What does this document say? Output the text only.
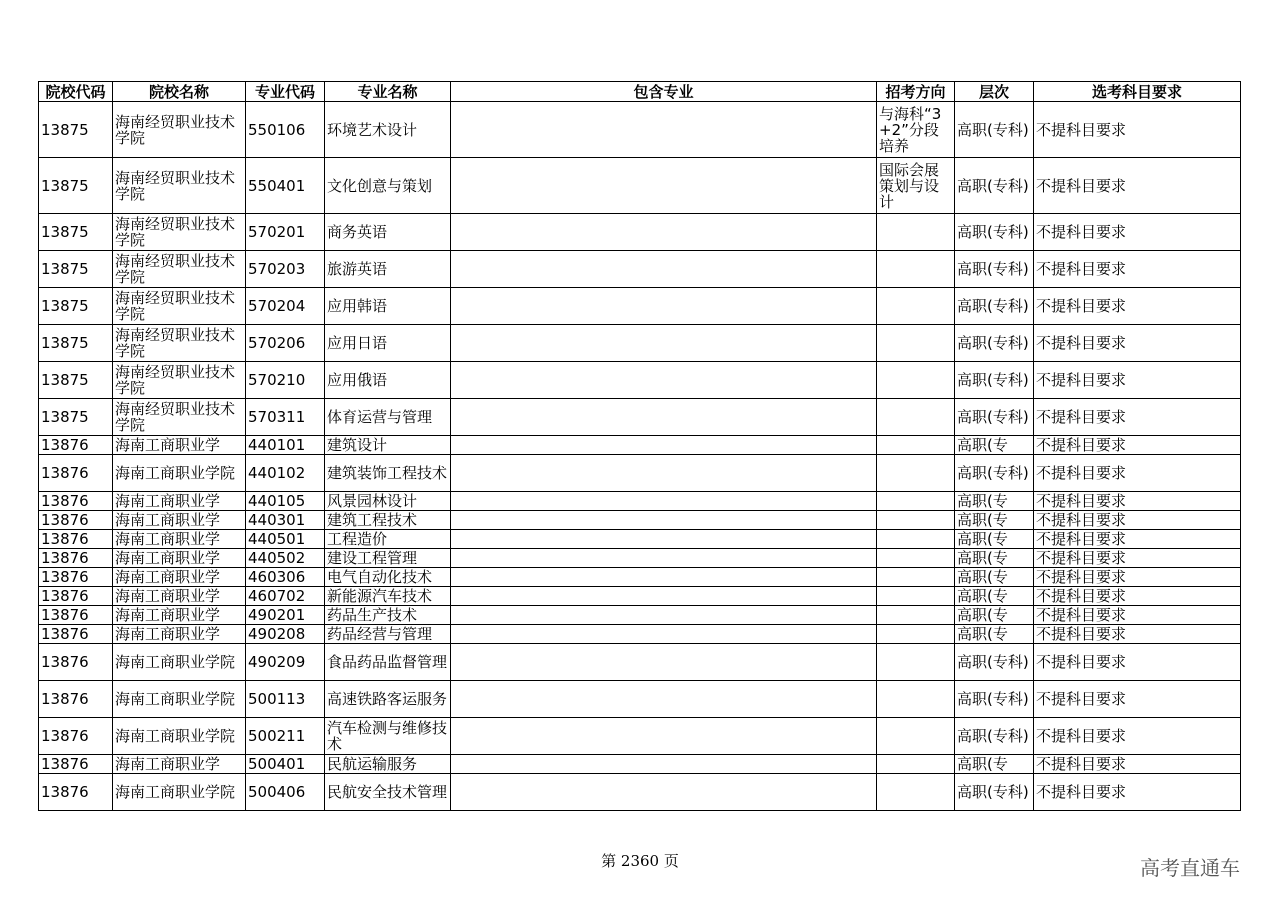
院校代码	院校名称	专业代码	专业名称	包含专业	招考方向	层次	选考科目要求
13875	海南经贸职业技术学院	550106	环境艺术设计		与海科“3+2”分段培养	高职(专科)	不提科目要求
13875	海南经贸职业技术学院	550401	文化创意与策划		国际会展策划与设计	高职(专科)	不提科目要求
13875	海南经贸职业技术学院	570201	商务英语			高职(专科)	不提科目要求
13875	海南经贸职业技术学院	570203	旅游英语			高职(专科)	不提科目要求
13875	海南经贸职业技术学院	570204	应用韩语			高职(专科)	不提科目要求
13875	海南经贸职业技术学院	570206	应用日语			高职(专科)	不提科目要求
13875	海南经贸职业技术学院	570210	应用俄语			高职(专科)	不提科目要求
13875	海南经贸职业技术学院	570311	体育运营与管理			高职(专科)	不提科目要求
13876	海南工商职业学	440101	建筑设计			高职(专	不提科目要求
13876	海南工商职业学院	440102	建筑装饰工程技术			高职(专科)	不提科目要求
13876	海南工商职业学	440105	风景园林设计			高职(专	不提科目要求
13876	海南工商职业学	440301	建筑工程技术			高职(专	不提科目要求
13876	海南工商职业学	440501	工程造价			高职(专	不提科目要求
13876	海南工商职业学	440502	建设工程管理			高职(专	不提科目要求
13876	海南工商职业学	460306	电气自动化技术			高职(专	不提科目要求
13876	海南工商职业学	460702	新能源汽车技术			高职(专	不提科目要求
13876	海南工商职业学	490201	药品生产技术			高职(专	不提科目要求
13876	海南工商职业学	490208	药品经营与管理			高职(专	不提科目要求
13876	海南工商职业学院	490209	食品药品监督管理			高职(专科)	不提科目要求
13876	海南工商职业学院	500113	高速铁路客运服务			高职(专科)	不提科目要求
13876	海南工商职业学院	500211	汽车检测与维修技术			高职(专科)	不提科目要求
13876	海南工商职业学	500401	民航运输服务			高职(专	不提科目要求
13876	海南工商职业学院	500406	民航安全技术管理			高职(专科)	不提科目要求
第 2360 页	高考直通车
